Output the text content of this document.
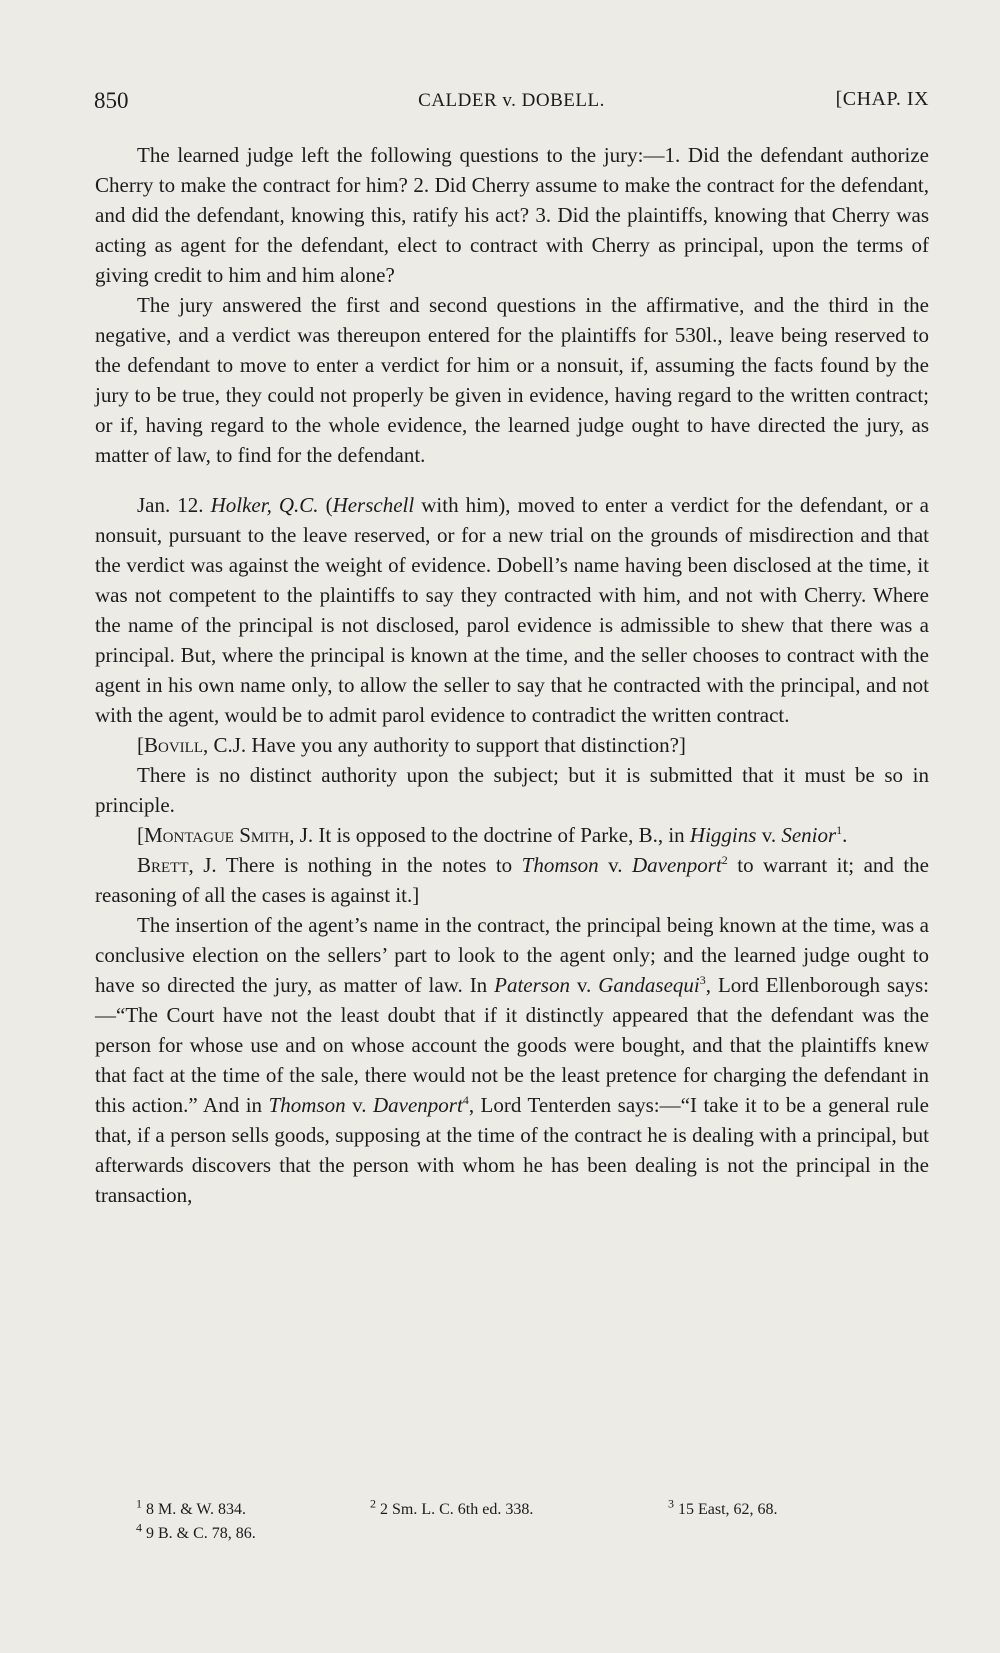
850	CALDER v. DOBELL.	[CHAP. IX

The learned judge left the following questions to the jury:—1. Did the defendant authorize Cherry to make the contract for him? 2. Did Cherry assume to make the contract for the defendant, and did the defendant, knowing this, ratify his act? 3. Did the plaintiffs, knowing that Cherry was acting as agent for the defendant, elect to contract with Cherry as principal, upon the terms of giving credit to him and him alone?

The jury answered the first and second questions in the affirmative, and the third in the negative, and a verdict was thereupon entered for the plaintiffs for 530l., leave being reserved to the defendant to move to enter a verdict for him or a nonsuit, if, assuming the facts found by the jury to be true, they could not properly be given in evidence, having regard to the written contract; or if, having regard to the whole evidence, the learned judge ought to have directed the jury, as matter of law, to find for the defendant.

Jan. 12. Holker, Q.C. (Herschell with him), moved to enter a verdict for the defendant, or a nonsuit, pursuant to the leave reserved, or for a new trial on the grounds of misdirection and that the verdict was against the weight of evidence. Dobell’s name having been disclosed at the time, it was not competent to the plaintiffs to say they contracted with him, and not with Cherry. Where the name of the principal is not disclosed, parol evidence is admissible to shew that there was a principal. But, where the principal is known at the time, and the seller chooses to contract with the agent in his own name only, to allow the seller to say that he contracted with the principal, and not with the agent, would be to admit parol evidence to contradict the written contract.

[Bovill, C.J. Have you any authority to support that distinction?]

There is no distinct authority upon the subject; but it is submitted that it must be so in principle.

[Montague Smith, J. It is opposed to the doctrine of Parke, B., in Higgins v. Senior$^1$.

Brett, J. There is nothing in the notes to Thomson v. Davenport$^2$ to warrant it; and the reasoning of all the cases is against it.]

The insertion of the agent’s name in the contract, the principal being known at the time, was a conclusive election on the sellers’ part to look to the agent only; and the learned judge ought to have so directed the jury, as matter of law. In Paterson v. Gandasequi$^3$, Lord Ellenborough says:—“The Court have not the least doubt that if it distinctly appeared that the defendant was the person for whose use and on whose account the goods were bought, and that the plaintiffs knew that fact at the time of the sale, there would not be the least pretence for charging the defendant in this action.” And in Thomson v. Davenport$^4$, Lord Tenterden says:—“I take it to be a general rule that, if a person sells goods, supposing at the time of the contract he is dealing with a principal, but afterwards discovers that the person with whom he has been dealing is not the principal in the transaction,

$^1$ 8 M. & W. 834.	$^2$ 2 Sm. L. C. 6th ed. 338.	$^3$ 15 East, 62, 68.
$^4$ 9 B. & C. 78, 86.
